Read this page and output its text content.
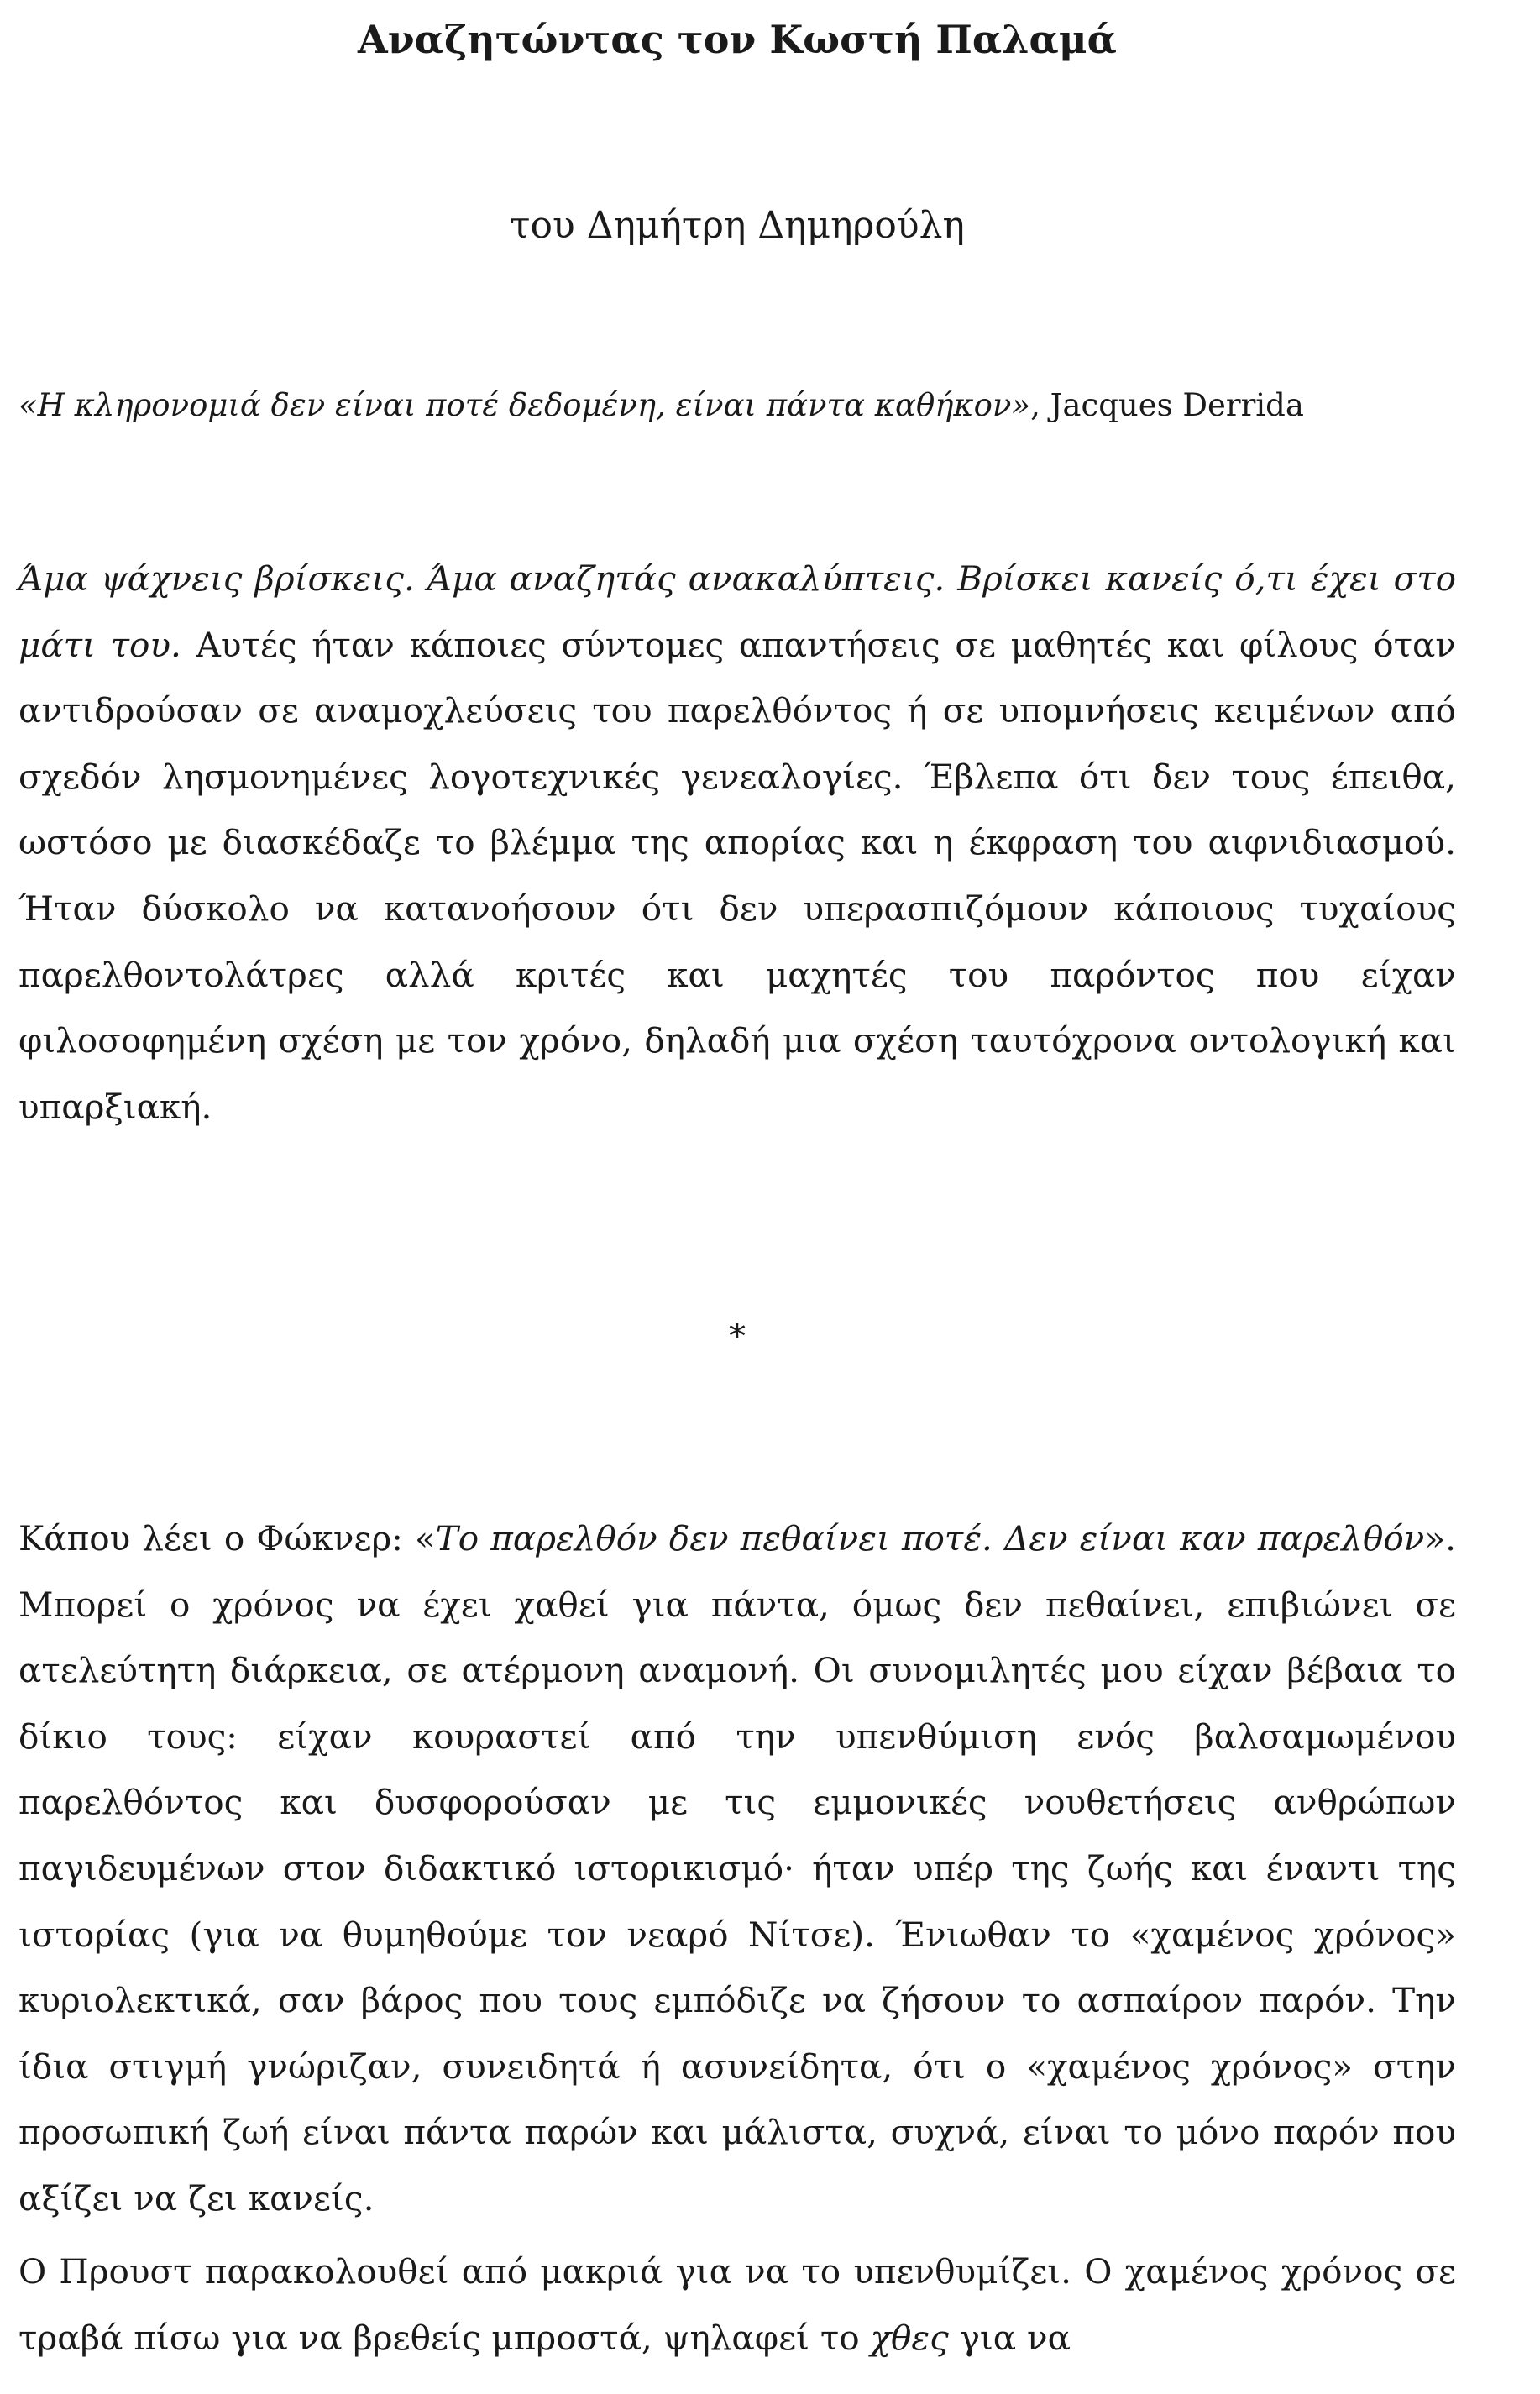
Αναζητώντας τον Κωστή Παλαμά
του Δημήτρη Δημηρούλη
«Η κληρονομιά δεν είναι ποτέ δεδομένη, είναι πάντα καθήκον», Jacques Derrida

Άμα ψάχνεις βρίσκεις. Άμα αναζητάς ανακαλύπτεις. Βρίσκει κανείς ό,τι έχει στο μάτι του. Αυτές ήταν κάποιες σύντομες απαντήσεις σε μαθητές και φίλους όταν αντιδρούσαν σε αναμοχλεύσεις του παρελθόντος ή σε υπομνήσεις κειμένων από σχεδόν λησμονημένες λογοτεχνικές γενεαλογίες. Έβλεπα ότι δεν τους έπειθα, ωστόσο με διασκέδαζε το βλέμμα της απορίας και η έκφραση του αιφνιδιασμού. Ήταν δύσκολο να κατανοήσουν ότι δεν υπερασπιζόμουν κάποιους τυχαίους παρελθοντολάτρες αλλά κριτές και μαχητές του παρόντος που είχαν φιλοσοφημένη σχέση με τον χρόνο, δηλαδή μια σχέση ταυτόχρονα οντολογική και υπαρξιακή.

*

Κάπου λέει ο Φώκνερ: «Το παρελθόν δεν πεθαίνει ποτέ. Δεν είναι καν παρελθόν». Μπορεί ο χρόνος να έχει χαθεί για πάντα, όμως δεν πεθαίνει, επιβιώνει σε ατελεύτητη διάρκεια, σε ατέρμονη αναμονή. Οι συνομιλητές μου είχαν βέβαια το δίκιο τους: είχαν κουραστεί από την υπενθύμιση ενός βαλσαμωμένου παρελθόντος και δυσφορούσαν με τις εμμονικές νουθετήσεις ανθρώπων παγιδευμένων στον διδακτικό ιστορικισμό· ήταν υπέρ της ζωής και έναντι της ιστορίας (για να θυμηθούμε τον νεαρό Νίτσε). Ένιωθαν το «χαμένος χρόνος» κυριολεκτικά, σαν βάρος που τους εμπόδιζε να ζήσουν το ασπαίρον παρόν. Την ίδια στιγμή γνώριζαν, συνειδητά ή ασυνείδητα, ότι ο «χαμένος χρόνος» στην προσωπική ζωή είναι πάντα παρών και μάλιστα, συχνά, είναι το μόνο παρόν που αξίζει να ζει κανείς.

Ο Προυστ παρακολουθεί από μακριά για να το υπενθυμίζει. Ο χαμένος χρόνος σε τραβά πίσω για να βρεθείς μπροστά, ψηλαφεί το χθες για να
